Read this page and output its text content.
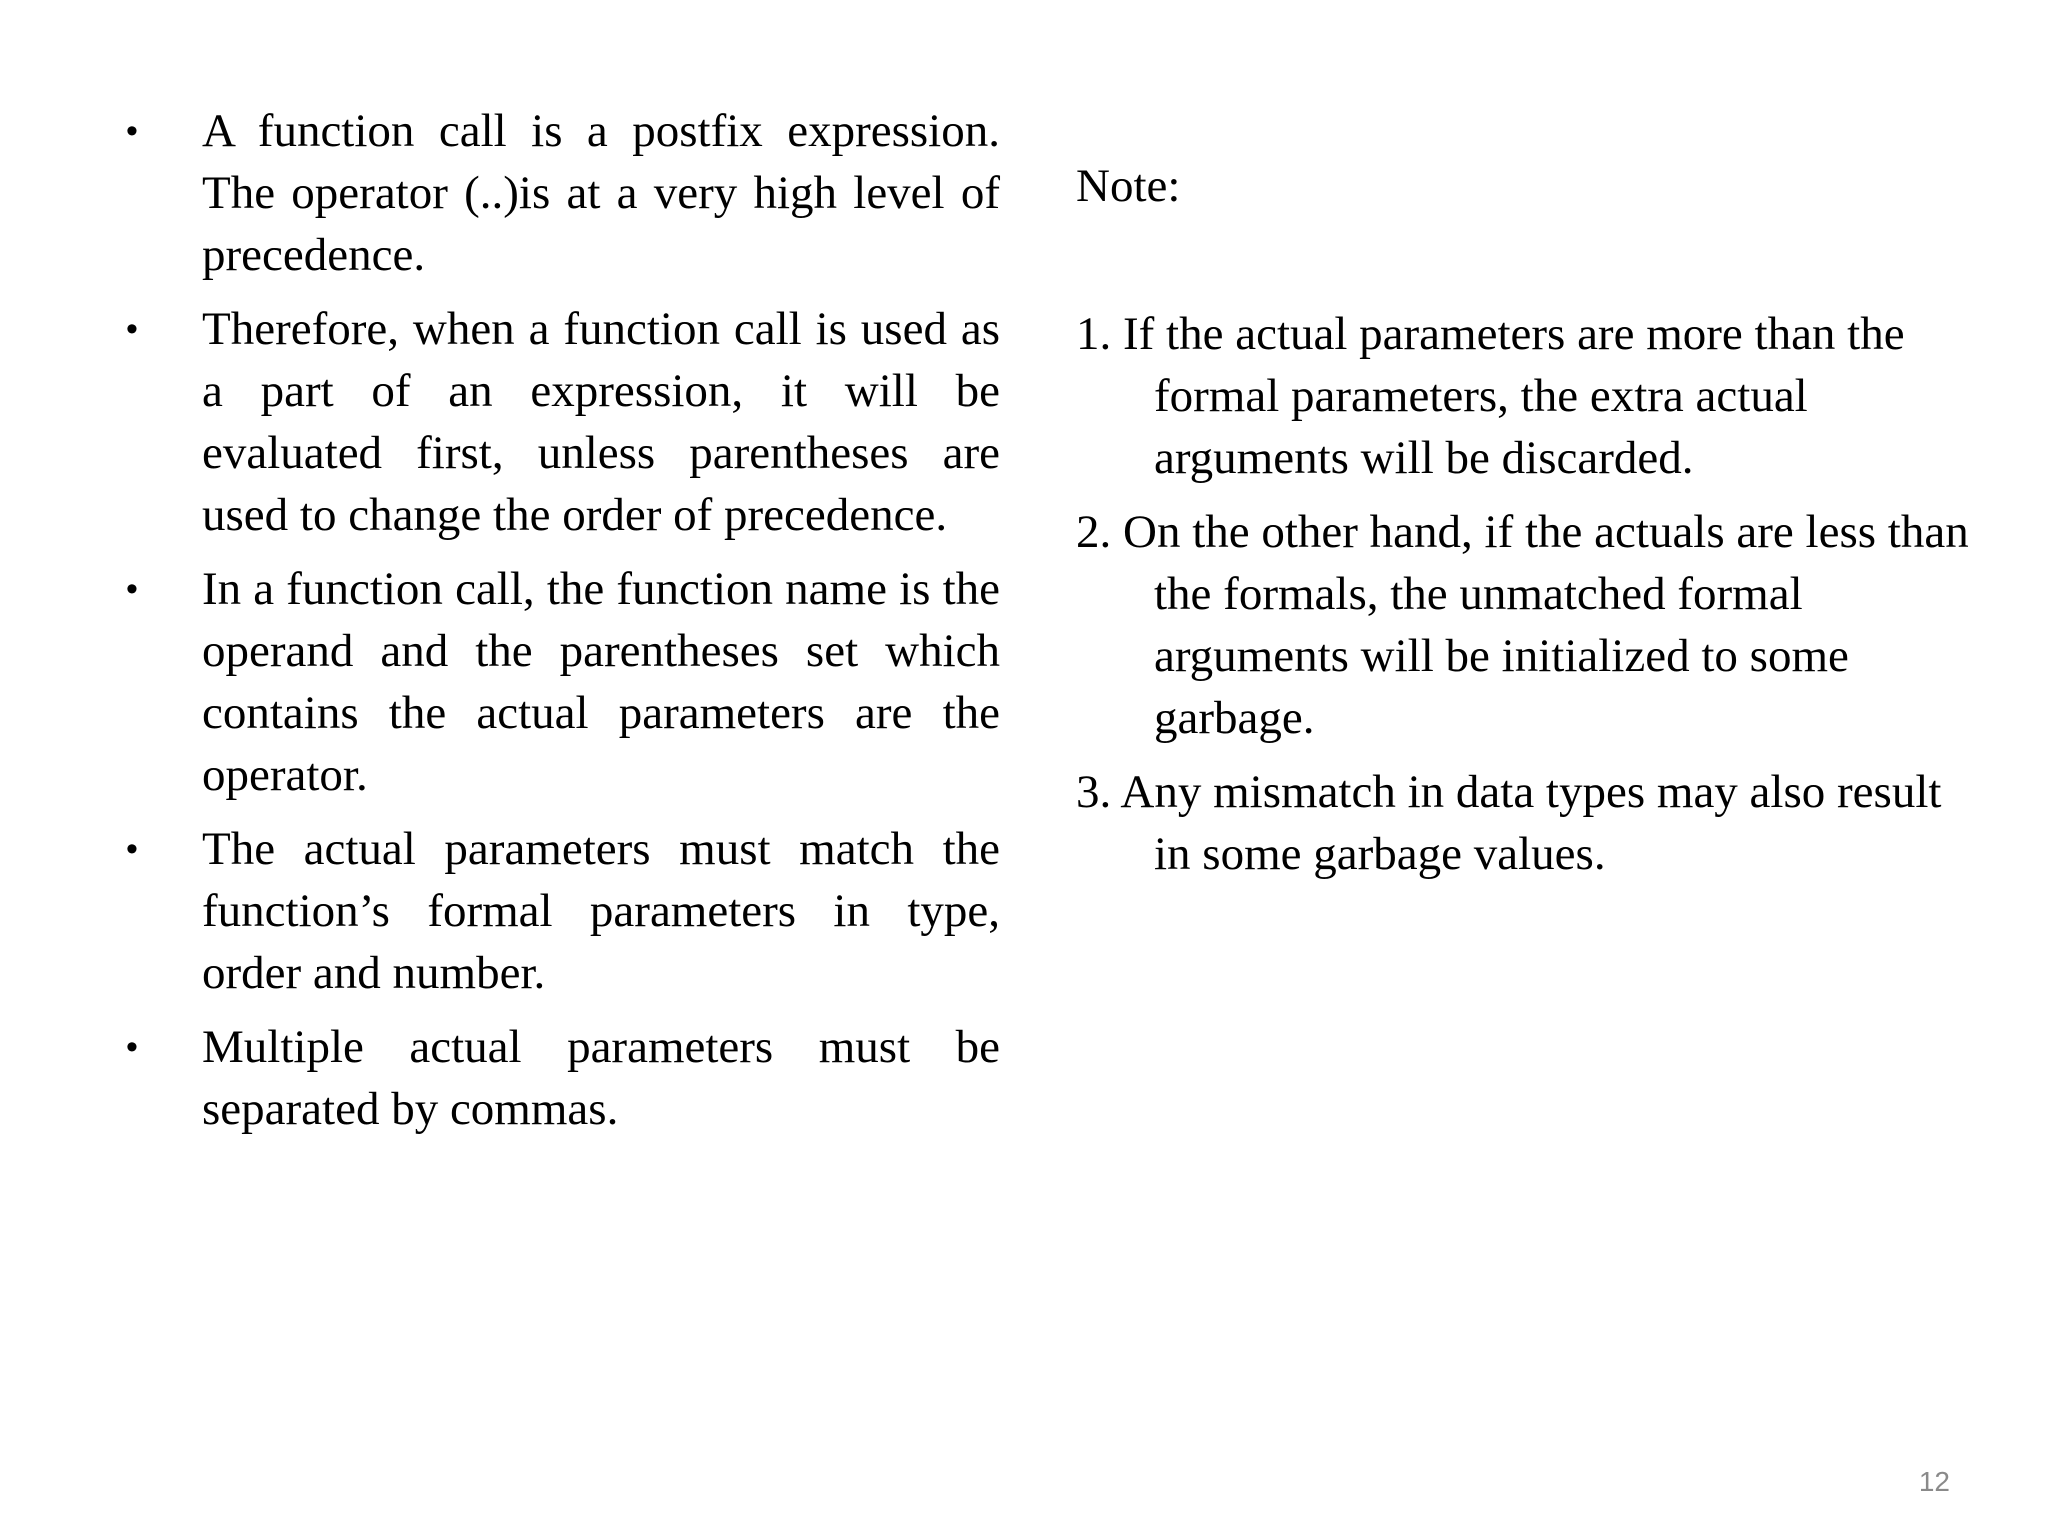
• A function call is a postfix expression. The operator (..)is at a very high level of precedence.
• Therefore, when a function call is used as a part of an expression, it will be evaluated first, unless parentheses are used to change the order of precedence.
• In a function call, the function name is the operand and the parentheses set which contains the actual parameters are the operator.
• The actual parameters must match the function’s formal parameters in type, order and number.
• Multiple actual parameters must be separated by commas.

Note:

1. If the actual parameters are more than the formal parameters, the extra actual arguments will be discarded.
2. On the other hand, if the actuals are less than the formals, the unmatched formal arguments will be initialized to some garbage.
3. Any mismatch in data types may also result in some garbage values.
12
